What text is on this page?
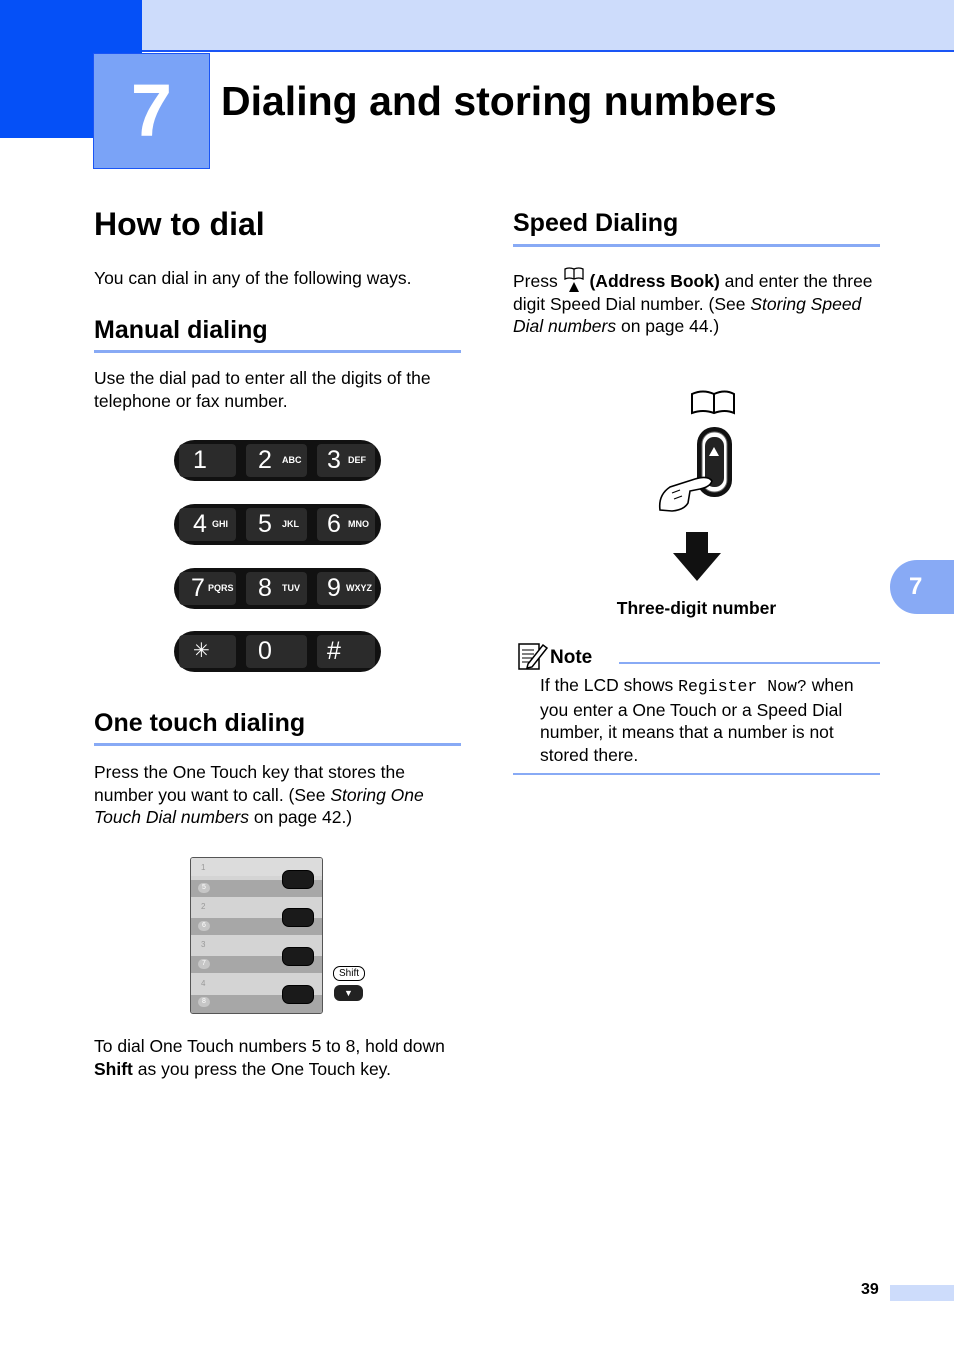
7	Dialing and storing numbers
How to dial
You can dial in any of the following ways.
Manual dialing
Use the dial pad to enter all the digits of the telephone or fax number.
1 2 ABC 3 DEF
4 GHI 5 JKL 6 MNO
7 PQRS 8 TUV 9 WXYZ
✳ 0 #
One touch dialing
Press the One Touch key that stores the number you want to call. (See Storing One Touch Dial numbers on page 42.)
1
5
2
6
3
7
4
8
Shift
▼
To dial One Touch numbers 5 to 8, hold down Shift as you press the One Touch key.
Speed Dialing
Press (Address Book) and enter the three digit Speed Dial number. (See Storing Speed Dial numbers on page 44.)
Three-digit number
Note
If the LCD shows Register Now? when you enter a One Touch or a Speed Dial number, it means that a number is not stored there.
7
39
